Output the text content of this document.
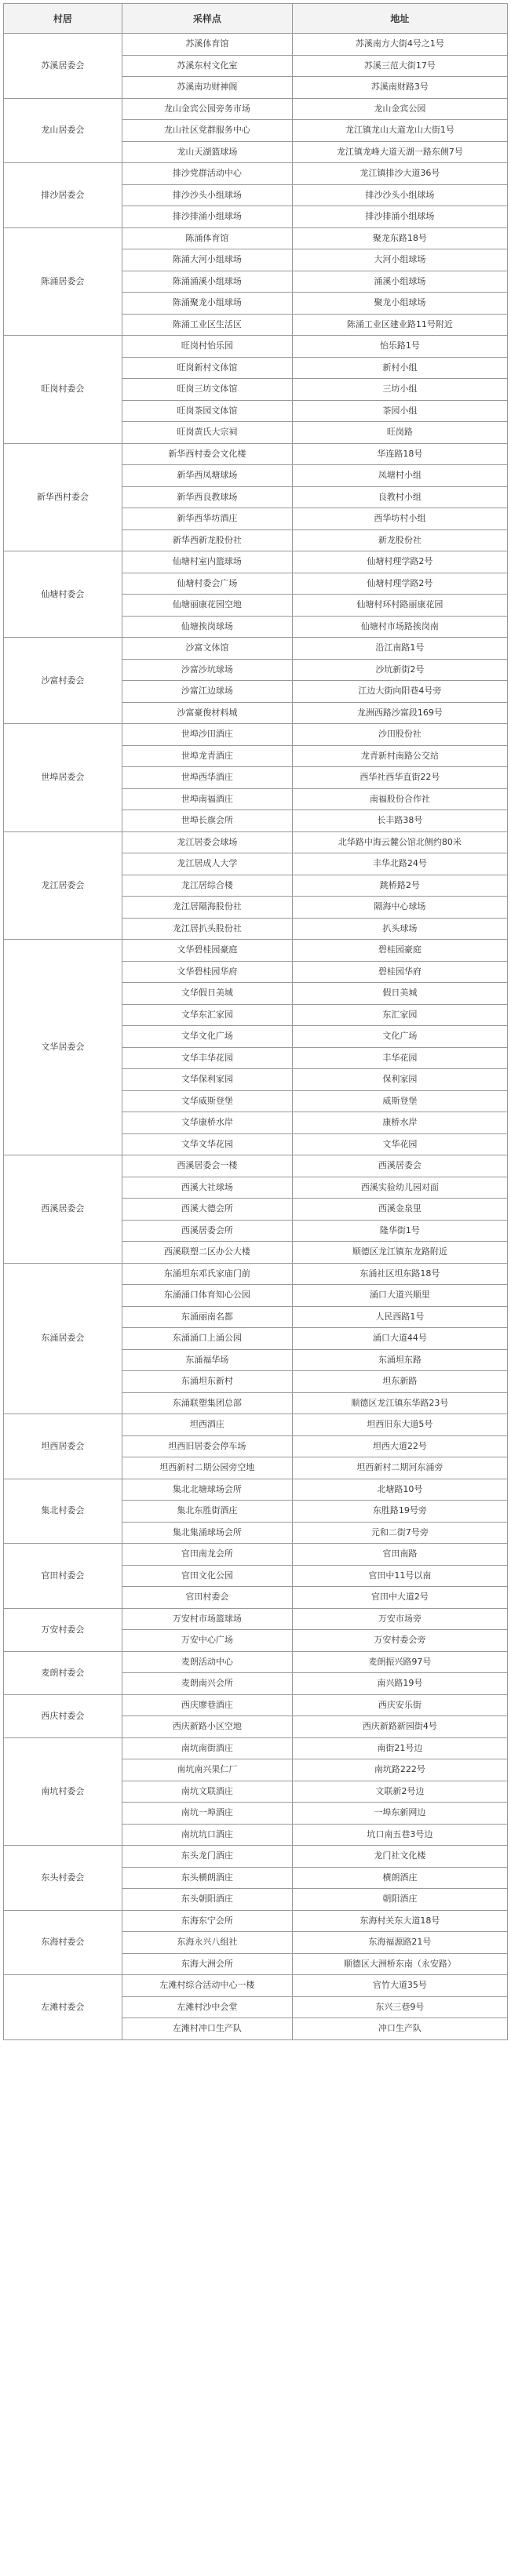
村居	采样点	地址
苏溪居委会	苏溪体育馆	苏溪南方大街4号之1号
	苏溪东村文化室	苏溪三范大街17号
	苏溪南功财神阁	苏溪南财路3号
龙山居委会	龙山金宾公园旁务市场	龙山金宾公园
	龙山社区党群服务中心	龙江镇龙山大道龙山大街1号
	龙山天湖篮球场	龙江镇龙峰大道天湖一路东侧7号
排沙居委会	排沙党群活动中心	龙江镇排沙大道36号
	排沙沙头小组球场	排沙沙头小组球场
	排沙排涌小组球场	排沙排涌小组球场
陈涌居委会	陈涌体育馆	聚龙东路18号
	陈涌大河小组球场	大河小组球场
	陈涌涌溪小组球场	涌溪小组球场
	陈涌聚龙小组球场	聚龙小组球场
	陈涌工业区生活区	陈涌工业区建业路11号附近
旺岗村委会	旺岗村怡乐园	怡乐路1号
	旺岗新村文体馆	新村小组
	旺岗三坊文体馆	三坊小组
	旺岗茶园文体馆	茶园小组
	旺岗黄氏大宗祠	旺岗路
新华西村委会	新华西村委会文化楼	华连路18号
	新华西凤塘球场	凤塘村小组
	新华西良教球场	良教村小组
	新华西华坊酒庄	西华坊村小组
	新华西新龙股份社	新龙股份社
仙塘村委会	仙塘村室内篮球场	仙塘村理学路2号
	仙塘村委会广场	仙塘村理学路2号
	仙塘丽康花园空地	仙塘村环村路丽康花园
	仙塘挨岗球场	仙塘村市场路挨岗南
沙富村委会	沙富文体馆	沿江南路1号
	沙富沙坑球场	沙坑新街2号
	沙富江边球场	江边大街向阳巷4号旁
	沙富豪俊材料城	龙洲西路沙富段169号
世埠居委会	世埠沙田酒庄	沙田股份社
	世埠龙青酒庄	龙青新村南路公交站
	世埠西华酒庄	西华社西华直街22号
	世埠南福酒庄	南福股份合作社
	世埠长旗会所	长丰路38号
龙江居委会	龙江居委会球场	北华路中海云麓公馆北侧约80米
	龙江居成人大学	丰华北路24号
	龙江居综合楼	跳桥路2号
	龙江居隔海股份社	隔海中心球场
	龙江居扒头股份社	扒头球场
文华居委会	文华碧桂园豪庭	碧桂园豪庭
	文华碧桂园华府	碧桂园华府
	文华假日美城	假日美城
	文华东汇家园	东汇家园
	文华文化广场	文化广场
	文华丰华花园	丰华花园
	文华保利家园	保利家园
	文华威斯登堡	威斯登堡
	文华康桥水岸	康桥水岸
	文华文华花园	文华花园
西溪居委会	西溪居委会一楼	西溪居委会
	西溪大社球场	西溪实验幼儿园对面
	西溪大德会所	西溪金泉里
	西溪居委会所	隆华街1号
	西溪联塑二区办公大楼	顺德区龙江镇东龙路附近
东涌居委会	东涌坦东邓氏家庙门前	东涌社区坦东路18号
	东涌涌口体育知心公园	涌口大道兴顺里
	东涌丽南名都	人民西路1号
	东涌涌口上涌公园	涌口大道44号
	东涌福华场	东涌坦东路
	东涌坦东新村	坦东新路
	东涌联塑集团总部	顺德区龙江镇东华路23号
坦西居委会	坦西酒庄	坦西旧东大道5号
	坦西旧居委会停车场	坦西大道22号
	坦西新村二期公园旁空地	坦西新村二期河东涌旁
集北村委会	集北北塘球场会所	北塘路10号
	集北东胜街酒庄	东胜路19号旁
	集北集涌球场会所	元和二街7号旁
官田村委会	官田南龙会所	官田南路
	官田文化公园	官田中11号以南
	官田村委会	官田中大道2号
万安村委会	万安村市场篮球场	万安市场旁
	万安中心广场	万安村委会旁
麦朗村委会	麦朗活动中心	麦朗振兴路97号
	麦朗南兴会所	南兴路19号
西庆村委会	西庆廖巷酒庄	西庆安乐街
	西庆新路小区空地	西庆新路新园街4号
南坑村委会	南坑南街酒庄	南街21号边
	南坑南兴果仁厂	南坑路222号
	南坑文联酒庄	文联新2号边
	南坑一埠酒庄	一埠东新网边
	南坑坑口酒庄	坑口南五巷3号边
东头村委会	东头龙门酒庄	龙门社文化楼
	东头横朗酒庄	横朗酒庄
	东头朝阳酒庄	朝阳酒庄
东海村委会	东海东宁会所	东海村关东大道18号
	东海永兴八组社	东海福源路21号
	东海大洲会所	顺德区大洲桥东南（永安路）
左滩村委会	左滩村综合活动中心一楼	官竹大道35号
	左滩村沙中会堂	东兴三巷9号
	左滩村冲口生产队	冲口生产队
